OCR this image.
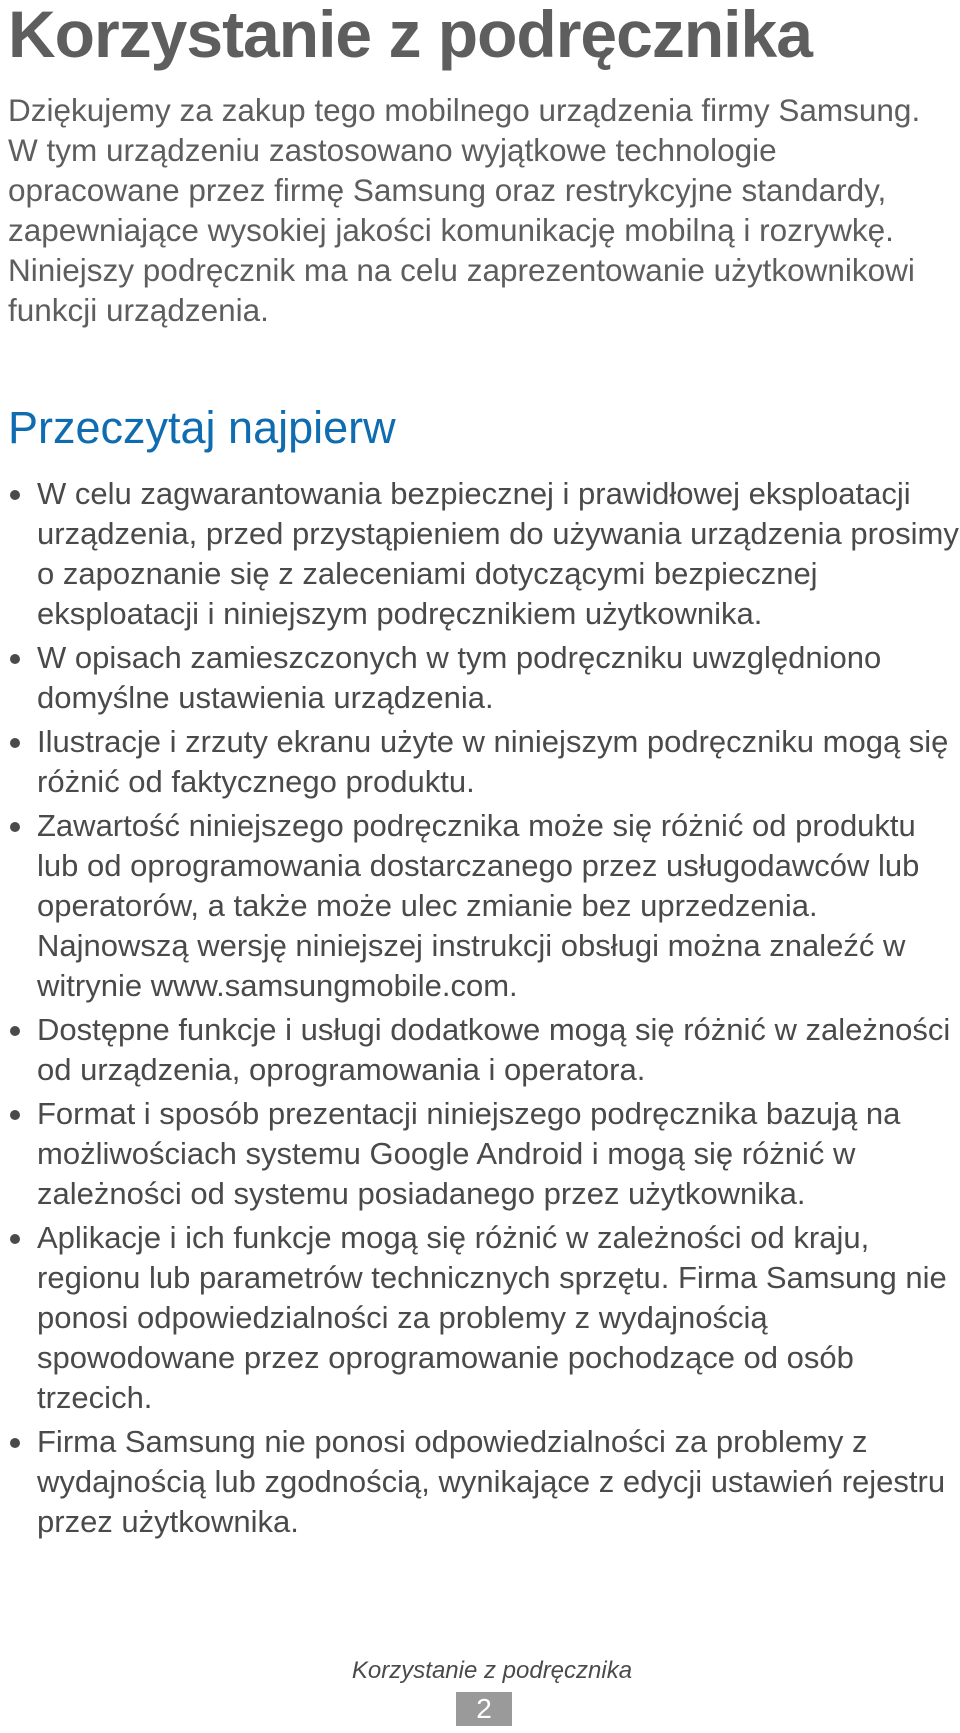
Korzystanie z podręcznika

Dziękujemy za zakup tego mobilnego urządzenia firmy Samsung. W tym urządzeniu zastosowano wyjątkowe technologie opracowane przez firmę Samsung oraz restrykcyjne standardy, zapewniające wysokiej jakości komunikację mobilną i rozrywkę.

Niniejszy podręcznik ma na celu zaprezentowanie użytkownikowi funkcji urządzenia.

Przeczytaj najpierw
W celu zagwarantowania bezpiecznej i prawidłowej eksploatacji urządzenia, przed przystąpieniem do używania urządzenia prosimy o zapoznanie się z zaleceniami dotyczącymi bezpiecznej eksploatacji i niniejszym podręcznikiem użytkownika.
W opisach zamieszczonych w tym podręczniku uwzględniono domyślne ustawienia urządzenia.
Ilustracje i zrzuty ekranu użyte w niniejszym podręczniku mogą się różnić od faktycznego produktu.
Zawartość niniejszego podręcznika może się różnić od produktu lub od oprogramowania dostarczanego przez usługodawców lub operatorów, a także może ulec zmianie bez uprzedzenia. Najnowszą wersję niniejszej instrukcji obsługi można znaleźć w witrynie www.samsungmobile.com.
Dostępne funkcje i usługi dodatkowe mogą się różnić w zależności od urządzenia, oprogramowania i operatora.
Format i sposób prezentacji niniejszego podręcznika bazują na możliwościach systemu Google Android i mogą się różnić w zależności od systemu posiadanego przez użytkownika.
Aplikacje i ich funkcje mogą się różnić w zależności od kraju, regionu lub parametrów technicznych sprzętu. Firma Samsung nie ponosi odpowiedzialności za problemy z wydajnością spowodowane przez oprogramowanie pochodzące od osób trzecich.
Firma Samsung nie ponosi odpowiedzialności za problemy z wydajnością lub zgodnością, wynikające z edycji ustawień rejestru przez użytkownika.
Korzystanie z podręcznika
2
